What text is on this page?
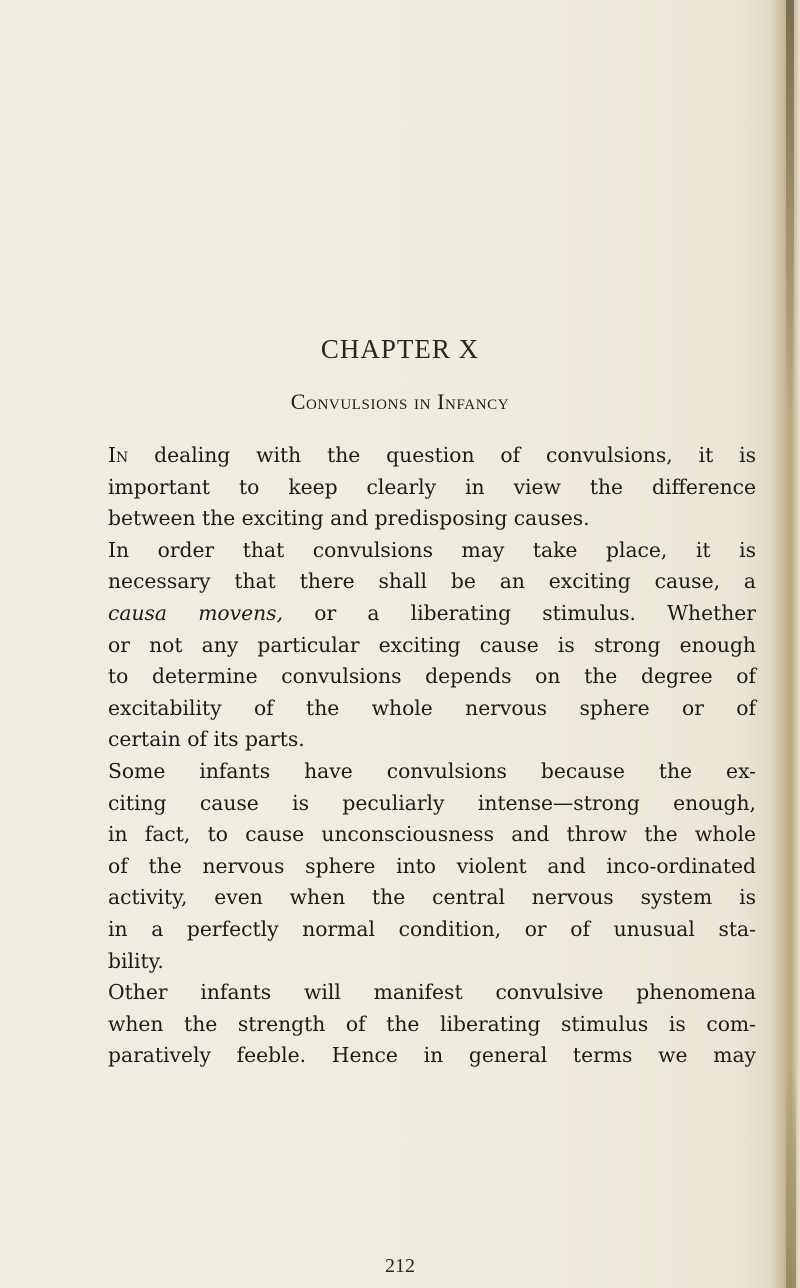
CHAPTER X
Convulsions in Infancy
In dealing with the question of convulsions, it is
important to keep clearly in view the difference
between the exciting and predisposing causes.
In order that convulsions may take place, it is
necessary that there shall be an exciting cause, a
causa movens, or a liberating stimulus. Whether
or not any particular exciting cause is strong enough
to determine convulsions depends on the degree of
excitability of the whole nervous sphere or of
certain of its parts.
Some infants have convulsions because the ex-
citing cause is peculiarly intense—strong enough,
in fact, to cause unconsciousness and throw the whole
of the nervous sphere into violent and inco-ordinated
activity, even when the central nervous system is
in a perfectly normal condition, or of unusual sta-
bility.
Other infants will manifest convulsive phenomena
when the strength of the liberating stimulus is com-
paratively feeble. Hence in general terms we may
212
